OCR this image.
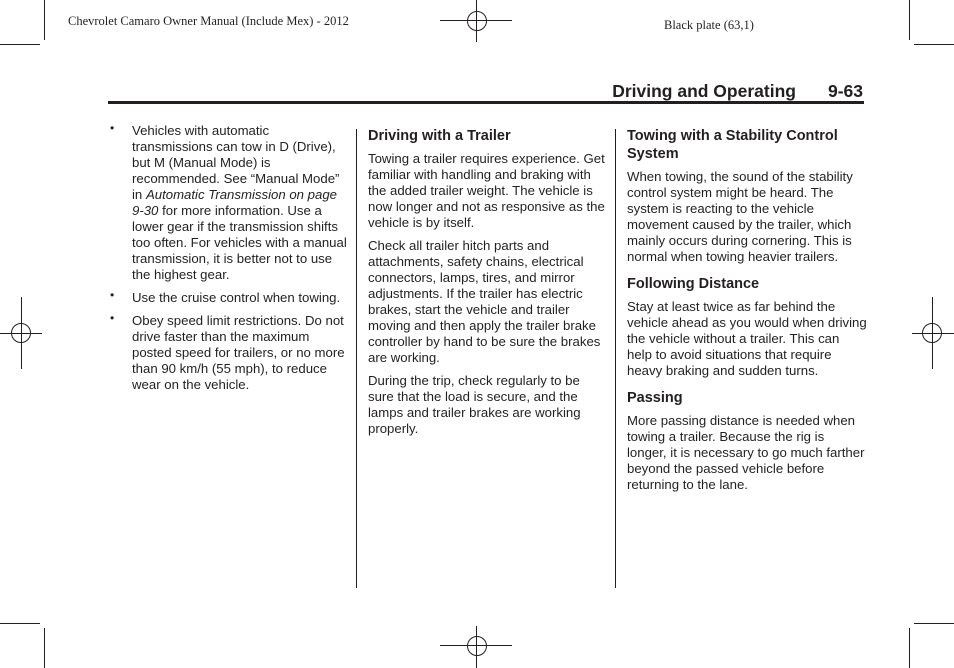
Chevrolet Camaro Owner Manual (Include Mex) - 2012	Black plate (63,1)
Driving and Operating 9-63
• Vehicles with automatic transmissions can tow in D (Drive), but M (Manual Mode) is recommended. See “Manual Mode” in Automatic Transmission on page 9-30 for more information. Use a lower gear if the transmission shifts too often. For vehicles with a manual transmission, it is better not to use the highest gear.
• Use the cruise control when towing.
• Obey speed limit restrictions. Do not drive faster than the maximum posted speed for trailers, or no more than 90 km/h (55 mph), to reduce wear on the vehicle.
Driving with a Trailer

Towing a trailer requires experience. Get familiar with handling and braking with the added trailer weight. The vehicle is now longer and not as responsive as the vehicle is by itself.

Check all trailer hitch parts and attachments, safety chains, electrical connectors, lamps, tires, and mirror adjustments. If the trailer has electric brakes, start the vehicle and trailer moving and then apply the trailer brake controller by hand to be sure the brakes are working.

During the trip, check regularly to be sure that the load is secure, and the lamps and trailer brakes are working properly.

Towing with a Stability Control System

When towing, the sound of the stability control system might be heard. The system is reacting to the vehicle movement caused by the trailer, which mainly occurs during cornering. This is normal when towing heavier trailers.

Following Distance

Stay at least twice as far behind the vehicle ahead as you would when driving the vehicle without a trailer. This can help to avoid situations that require heavy braking and sudden turns.

Passing

More passing distance is needed when towing a trailer. Because the rig is longer, it is necessary to go much farther beyond the passed vehicle before returning to the lane.
